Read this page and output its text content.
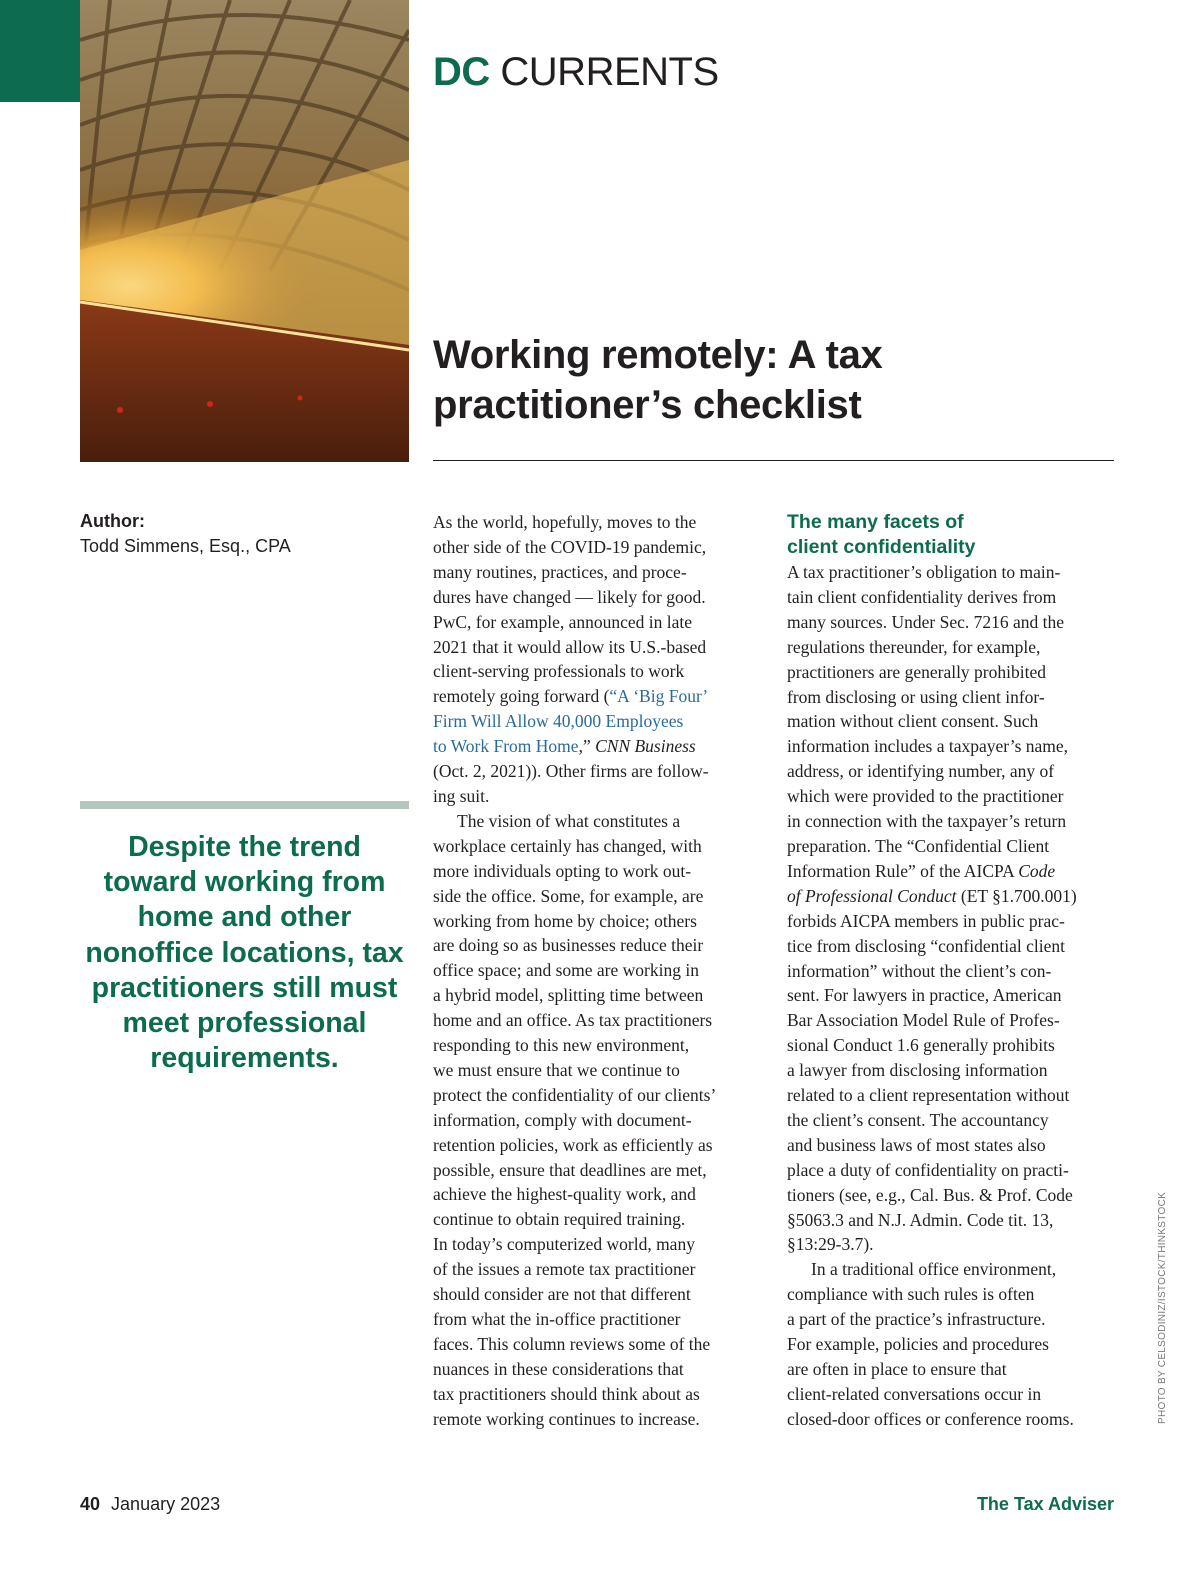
DC CURRENTS
Working remotely: A tax practitioner’s checklist
Author:
Todd Simmens, Esq., CPA

Despite the trend toward working from home and other nonoffice locations, tax practitioners still must meet professional requirements.

As the world, hopefully, moves to the
other side of the COVID-19 pandemic,
many routines, practices, and proce-
dures have changed — likely for good.
PwC, for example, announced in late
2021 that it would allow its U.S.-based
client-serving professionals to work
remotely going forward (“A ‘Big Four’
Firm Will Allow 40,000 Employees
to Work From Home,” CNN Business
(Oct. 2, 2021)). Other firms are follow-
ing suit.
The vision of what constitutes a
workplace certainly has changed, with
more individuals opting to work out-
side the office. Some, for example, are
working from home by choice; others
are doing so as businesses reduce their
office space; and some are working in
a hybrid model, splitting time between
home and an office. As tax practitioners
responding to this new environment,
we must ensure that we continue to
protect the confidentiality of our clients’
information, comply with document-
retention policies, work as efficiently as
possible, ensure that deadlines are met,
achieve the highest-quality work, and
continue to obtain required training.
In today’s computerized world, many
of the issues a remote tax practitioner
should consider are not that different
from what the in-office practitioner
faces. This column reviews some of the
nuances in these considerations that
tax practitioners should think about as
remote working continues to increase.
The many facets of
client confidentiality
A tax practitioner’s obligation to main-
tain client confidentiality derives from
many sources. Under Sec. 7216 and the
regulations thereunder, for example,
practitioners are generally prohibited
from disclosing or using client infor-
mation without client consent. Such
information includes a taxpayer’s name,
address, or identifying number, any of
which were provided to the practitioner
in connection with the taxpayer’s return
preparation. The “Confidential Client
Information Rule” of the AICPA Code
of Professional Conduct (ET §1.700.001)
forbids AICPA members in public prac-
tice from disclosing “confidential client
information” without the client’s con-
sent. For lawyers in practice, American
Bar Association Model Rule of Profes-
sional Conduct 1.6 generally prohibits
a lawyer from disclosing information
related to a client representation without
the client’s consent. The accountancy
and business laws of most states also
place a duty of confidentiality on practi-
tioners (see, e.g., Cal. Bus. & Prof. Code
§5063.3 and N.J. Admin. Code tit. 13,
§13:29-3.7).
In a traditional office environment,
compliance with such rules is often
a part of the practice’s infrastructure.
For example, policies and procedures
are often in place to ensure that
client-related conversations occur in
closed-door offices or conference rooms.	PHOTO BY CELSODINIZ/ISTOCK/THINKSTOCK
40 January 2023	The Tax Adviser
